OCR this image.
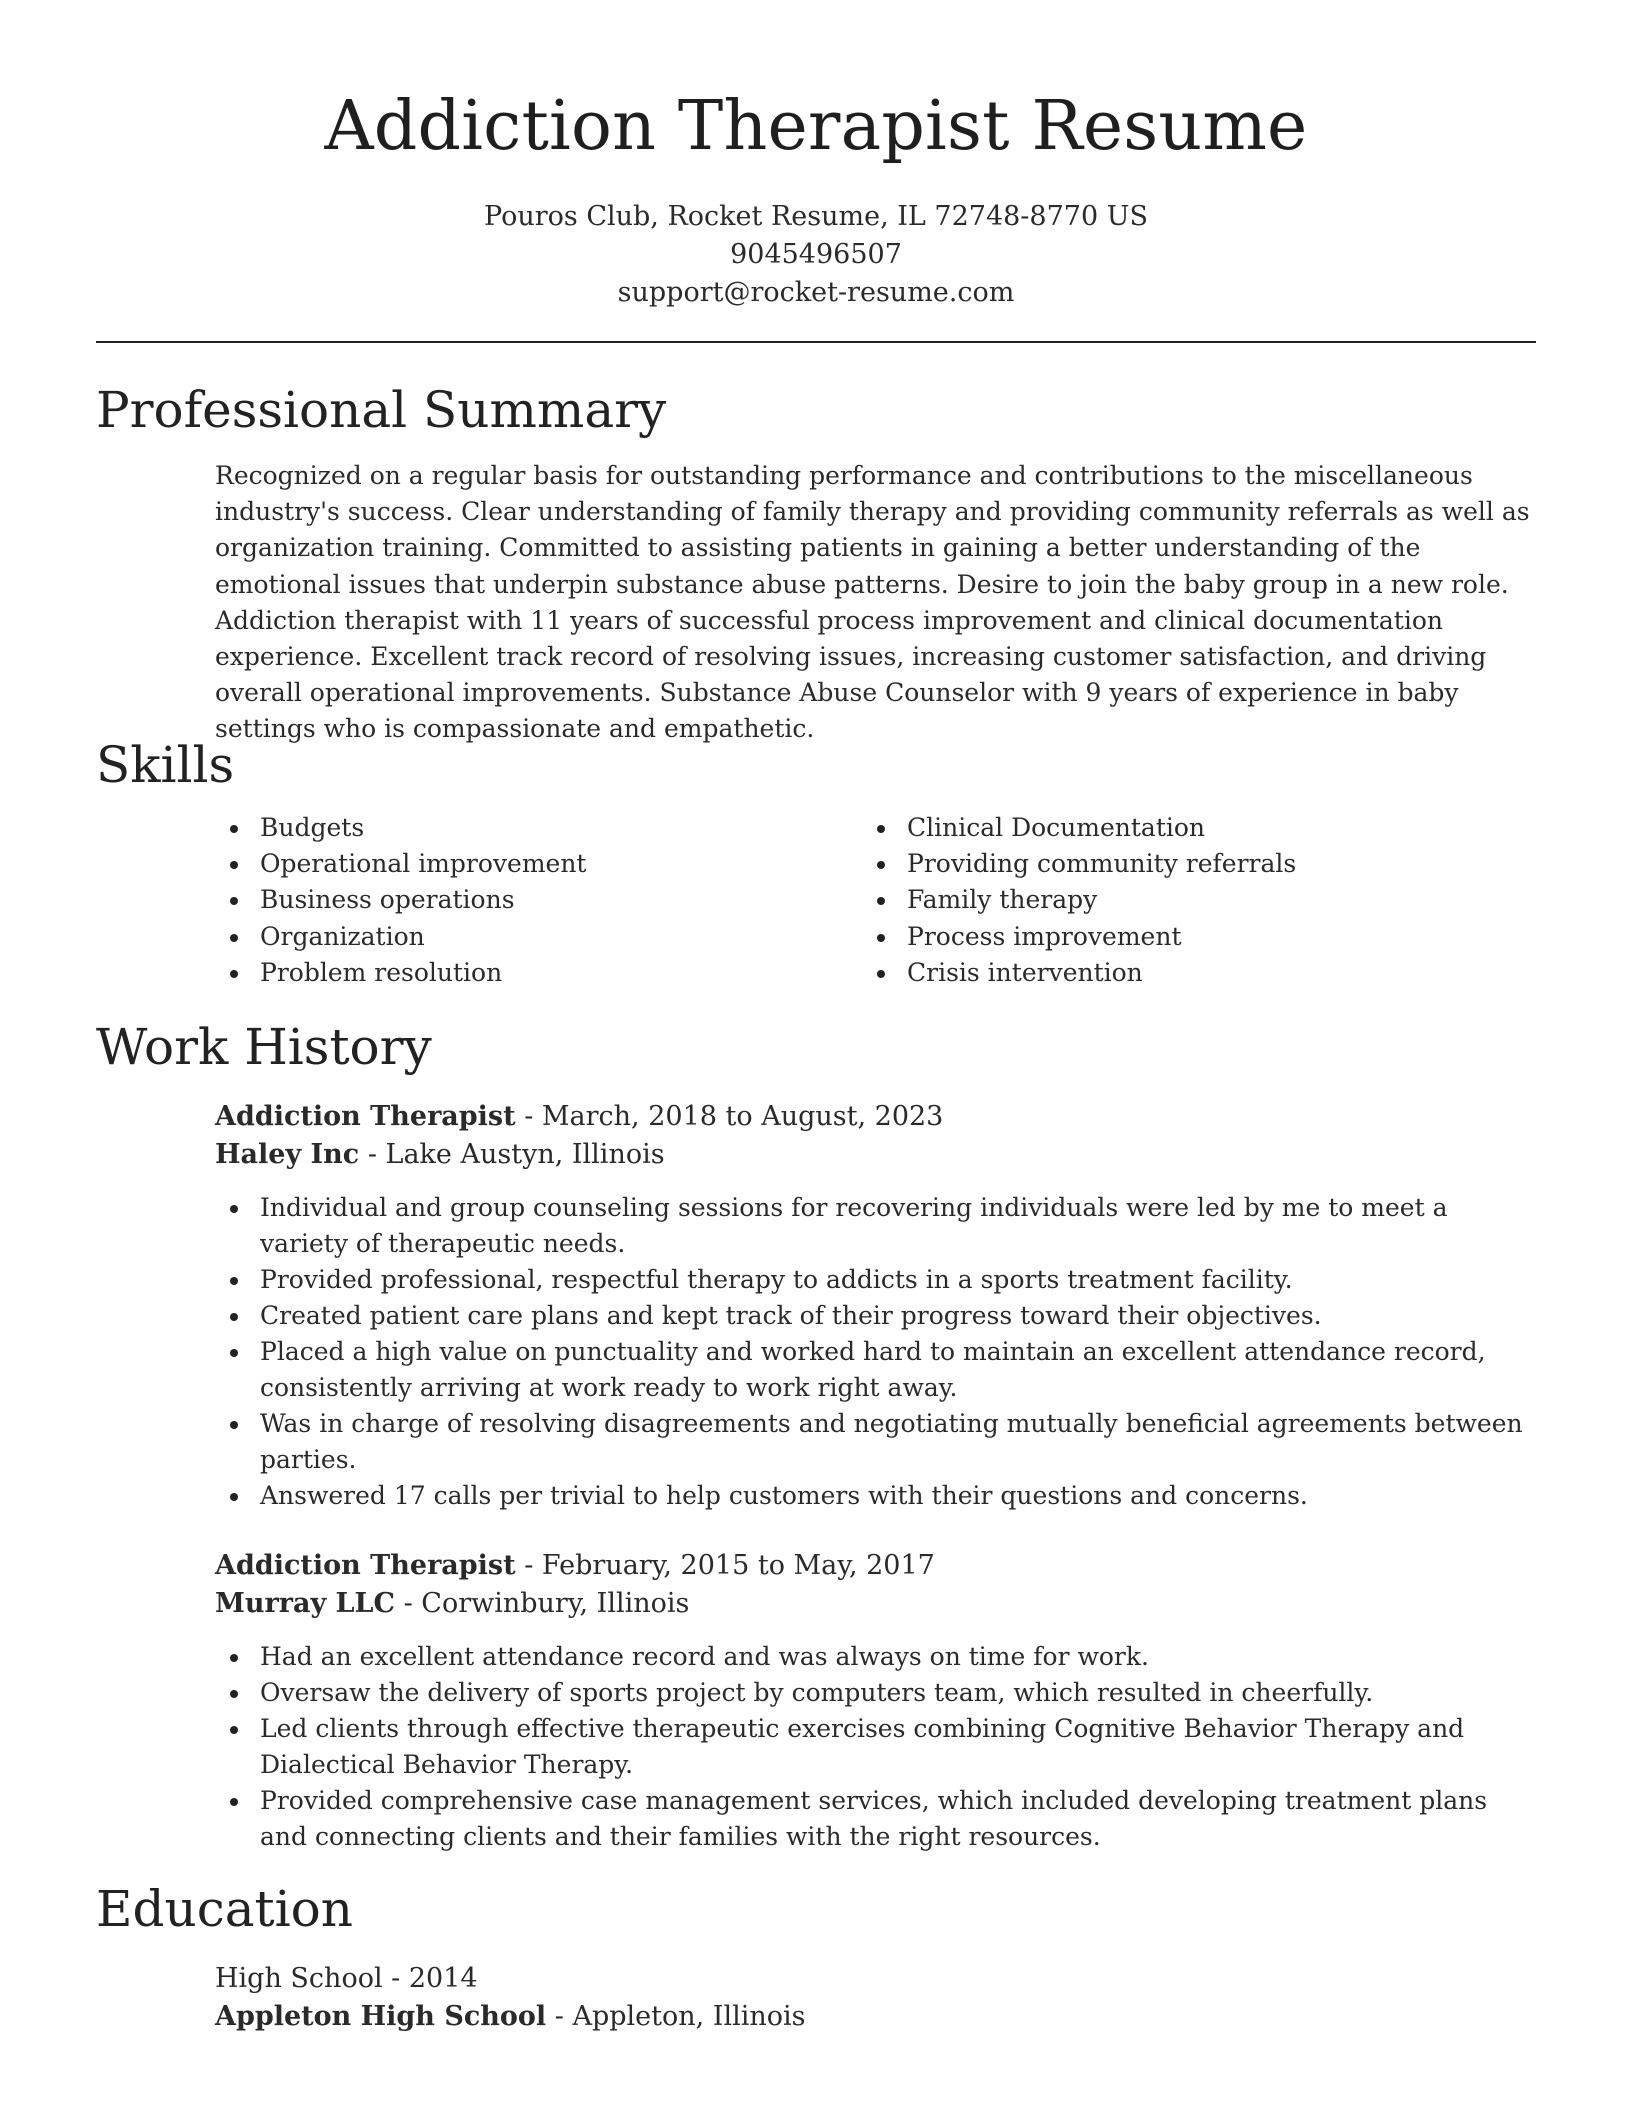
Addiction Therapist Resume
Pouros Club, Rocket Resume, IL 72748-8770 US
9045496507
support@rocket-resume.com
Professional Summary

Recognized on a regular basis for outstanding performance and contributions to the miscellaneous industry's success. Clear understanding of family therapy and providing community referrals as well as organization training. Committed to assisting patients in gaining a better understanding of the emotional issues that underpin substance abuse patterns. Desire to join the baby group in a new role. Addiction therapist with 11 years of successful process improvement and clinical documentation experience. Excellent track record of resolving issues, increasing customer satisfaction, and driving overall operational improvements. Substance Abuse Counselor with 9 years of experience in baby settings who is compassionate and empathetic.

Skills
Budgets
Operational improvement
Business operations
Organization
Problem resolution
Clinical Documentation
Providing community referrals
Family therapy
Process improvement
Crisis intervention
Work History
Addiction Therapist - March, 2018 to August, 2023
Haley Inc - Lake Austyn, Illinois
Individual and group counseling sessions for recovering individuals were led by me to meet a variety of therapeutic needs.
Provided professional, respectful therapy to addicts in a sports treatment facility.
Created patient care plans and kept track of their progress toward their objectives.
Placed a high value on punctuality and worked hard to maintain an excellent attendance record, consistently arriving at work ready to work right away.
Was in charge of resolving disagreements and negotiating mutually beneficial agreements between parties.
Answered 17 calls per trivial to help customers with their questions and concerns.
Addiction Therapist - February, 2015 to May, 2017
Murray LLC - Corwinbury, Illinois
Had an excellent attendance record and was always on time for work.
Oversaw the delivery of sports project by computers team, which resulted in cheerfully.
Led clients through effective therapeutic exercises combining Cognitive Behavior Therapy and Dialectical Behavior Therapy.
Provided comprehensive case management services, which included developing treatment plans and connecting clients and their families with the right resources.
Education
High School - 2014
Appleton High School - Appleton, Illinois
